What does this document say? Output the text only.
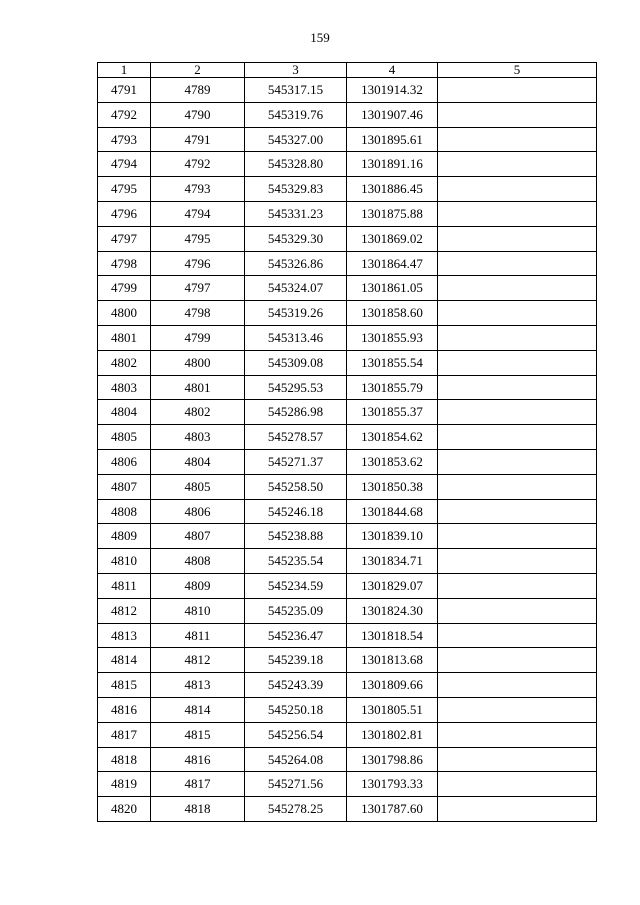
159
1	2	3	4	5
4791	4789	545317.15	1301914.32	
4792	4790	545319.76	1301907.46	
4793	4791	545327.00	1301895.61	
4794	4792	545328.80	1301891.16	
4795	4793	545329.83	1301886.45	
4796	4794	545331.23	1301875.88	
4797	4795	545329.30	1301869.02	
4798	4796	545326.86	1301864.47	
4799	4797	545324.07	1301861.05	
4800	4798	545319.26	1301858.60	
4801	4799	545313.46	1301855.93	
4802	4800	545309.08	1301855.54	
4803	4801	545295.53	1301855.79	
4804	4802	545286.98	1301855.37	
4805	4803	545278.57	1301854.62	
4806	4804	545271.37	1301853.62	
4807	4805	545258.50	1301850.38	
4808	4806	545246.18	1301844.68	
4809	4807	545238.88	1301839.10	
4810	4808	545235.54	1301834.71	
4811	4809	545234.59	1301829.07	
4812	4810	545235.09	1301824.30	
4813	4811	545236.47	1301818.54	
4814	4812	545239.18	1301813.68	
4815	4813	545243.39	1301809.66	
4816	4814	545250.18	1301805.51	
4817	4815	545256.54	1301802.81	
4818	4816	545264.08	1301798.86	
4819	4817	545271.56	1301793.33	
4820	4818	545278.25	1301787.60	
